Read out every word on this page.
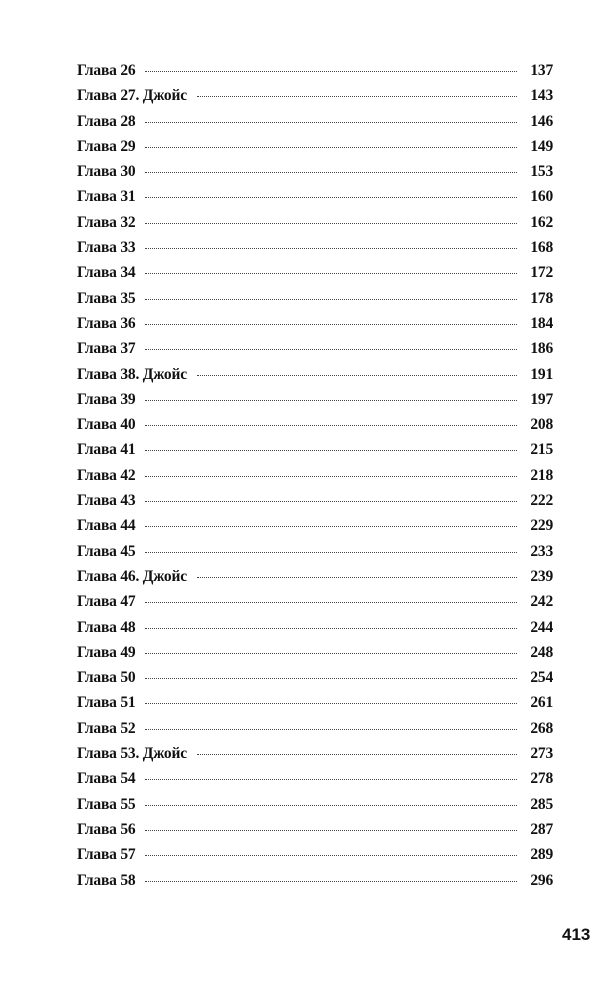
Глава 26	137
Глава 27. Джойс	143
Глава 28	146
Глава 29	149
Глава 30	153
Глава 31	160
Глава 32	162
Глава 33	168
Глава 34	172
Глава 35	178
Глава 36	184
Глава 37	186
Глава 38. Джойс	191
Глава 39	197
Глава 40	208
Глава 41	215
Глава 42	218
Глава 43	222
Глава 44	229
Глава 45	233
Глава 46. Джойс	239
Глава 47	242
Глава 48	244
Глава 49	248
Глава 50	254
Глава 51	261
Глава 52	268
Глава 53. Джойс	273
Глава 54	278
Глава 55	285
Глава 56	287
Глава 57	289
Глава 58	296
413
